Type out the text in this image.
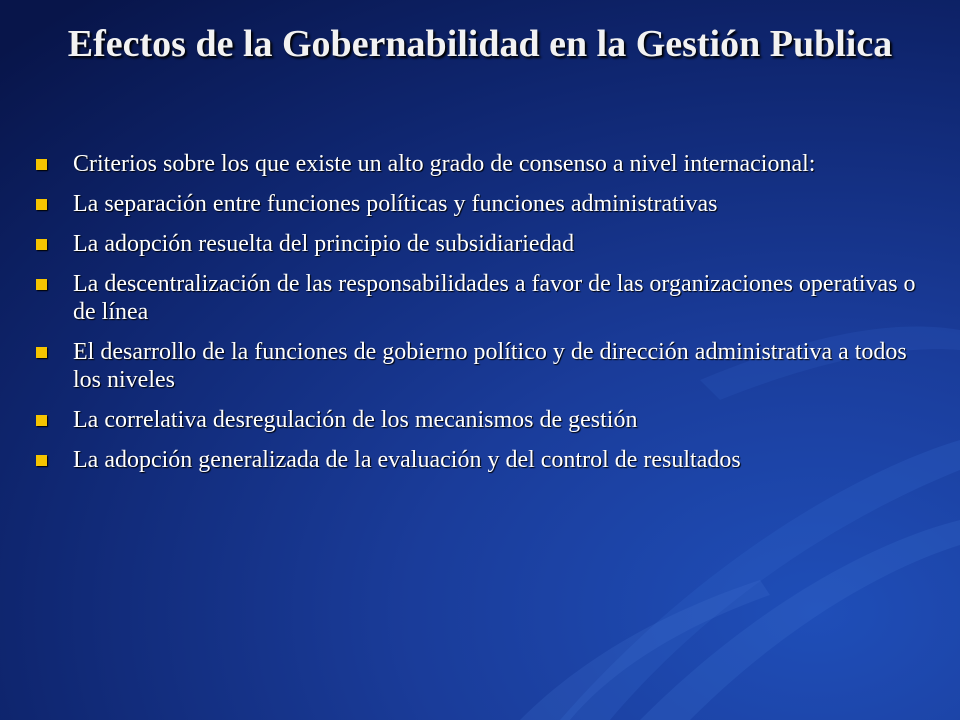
Efectos de la Gobernabilidad en la Gestión Publica
Criterios sobre los que existe un alto grado de consenso a nivel internacional:
La separación entre funciones políticas y funciones administrativas
La adopción resuelta del principio de subsidiariedad
La descentralización de las responsabilidades a favor de las organizaciones operativas o de línea
El desarrollo de la funciones de gobierno político y de dirección administrativa a todos los niveles
La correlativa desregulación de los mecanismos de gestión
La adopción generalizada de la evaluación y del control de resultados
